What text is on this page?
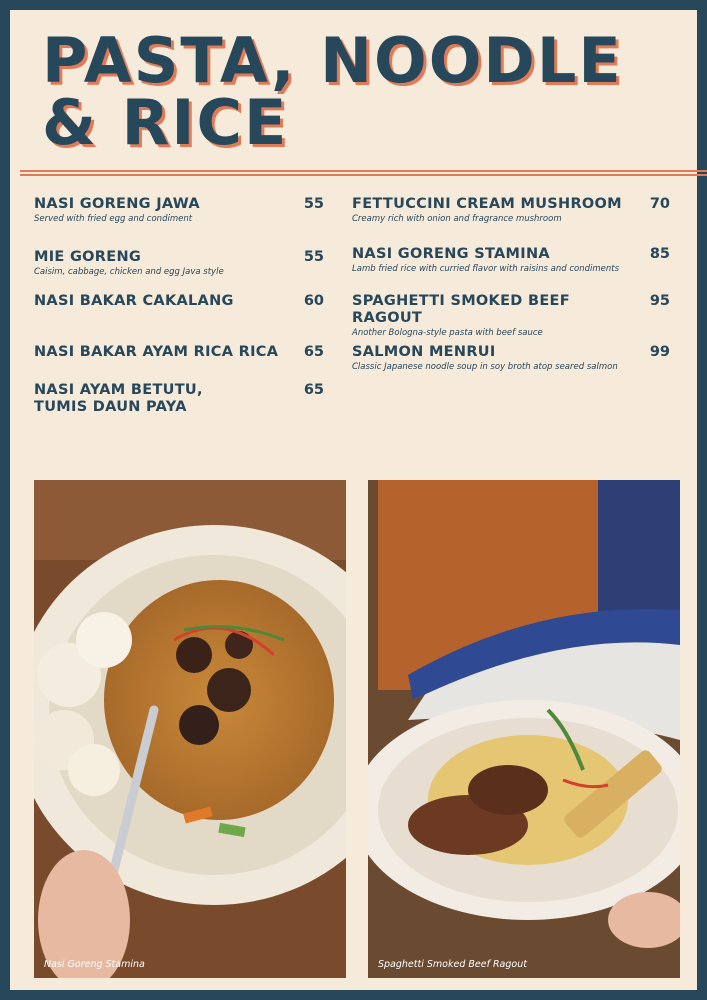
PASTA, NOODLE
& RICE
NASI GORENG JAWA
Served with fried egg and condiment
55
MIE GORENG
Caisim, cabbage, chicken and egg Java style
55
NASI BAKAR CAKALANG	60
NASI BAKAR AYAM RICA RICA	65
NASI AYAM BETUTU,
TUMIS DAUN PAYA
65
FETTUCCINI CREAM MUSHROOM
Creamy rich with onion and fragrance mushroom
70
NASI GORENG STAMINA
Lamb fried rice with curried flavor with raisins and condiments
85
SPAGHETTI SMOKED BEEF RAGOUT
Another Bologna-style pasta with beef sauce
95
SALMON MENRUI
Classic Japanese noodle soup in soy broth atop seared salmon
99
Nasi Goreng Stamina	Spaghetti Smoked Beef Ragout
